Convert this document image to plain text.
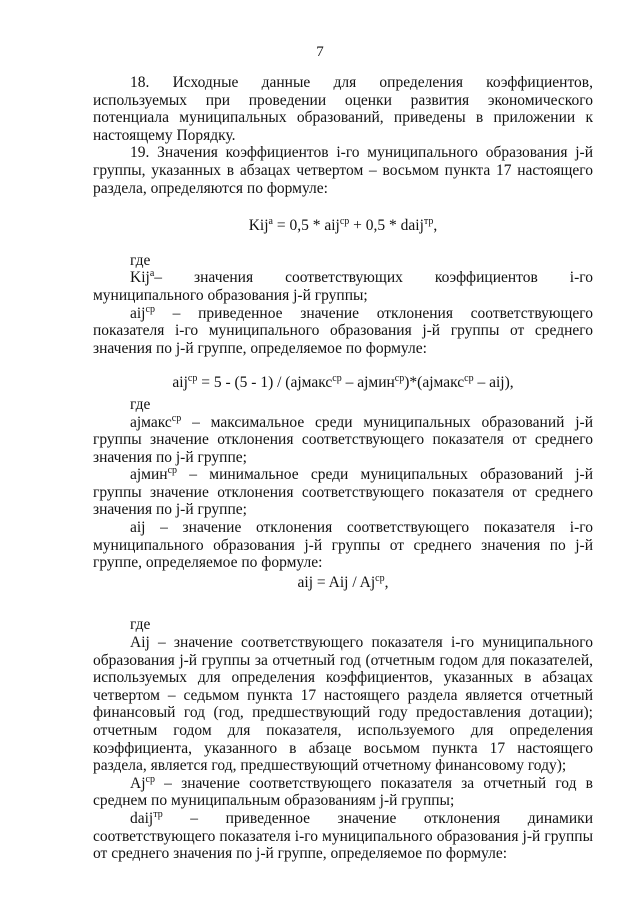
7

18. Исходные данные для определения коэффициентов, используемых при проведении оценки развития экономического потенциала муниципальных образований, приведены в приложении к настоящему Порядку.

19. Значения коэффициентов i-го муниципального образования j-й группы, указанных в абзацах четвертом – восьмом пункта 17 настоящего раздела, определяются по формуле:

Kij$^а$ = 0,5 * aij$^{ср}$ + 0,5 * daij$^{тр}$,

где

Kij$^а$– значения соответствующих коэффициентов i-го муниципального образования j-й группы;

aij$^{ср}$ – приведенное значение отклонения соответствующего показателя i-го муниципального образования j-й группы от среднего значения по j-й группе, определяемое по формуле:

aij$^{ср}$ = 5 - (5 - 1) / (ajмакс$^{ср}$ – ajмин$^{ср}$)*(ajмакс$^{ср}$ – aij),

где

ajмакс$^{ср}$ – максимальное среди муниципальных образований j-й группы значение отклонения соответствующего показателя от среднего значения по j-й группе;

ajмин$^{ср}$ – минимальное среди муниципальных образований j-й группы значение отклонения соответствующего показателя от среднего значения по j-й группе;

aij – значение отклонения соответствующего показателя i-го муниципального образования j-й группы от среднего значения по j-й группе, определяемое по формуле:

aij = Aij / $Aj^{ср}$,

где

Aij – значение соответствующего показателя i-го муниципального образования j-й группы за отчетный год (отчетным годом для показателей, используемых для определения коэффициентов, указанных в абзацах четвертом – седьмом пункта 17 настоящего раздела является отчетный финансовый год (год, предшествующий году предоставления дотации); отчетным годом для показателя, используемого для определения коэффициента, указанного в абзаце восьмом пункта 17 настоящего раздела, является год, предшествующий отчетному финансовому году);

$Aj^{ср}$ – значение соответствующего показателя за отчетный год в среднем по муниципальным образованиям j-й группы;

daij$^{тр}$ – приведенное значение отклонения динамики соответствующего показателя i-го муниципального образования j-й группы от среднего значения по j-й группе, определяемое по формуле:
